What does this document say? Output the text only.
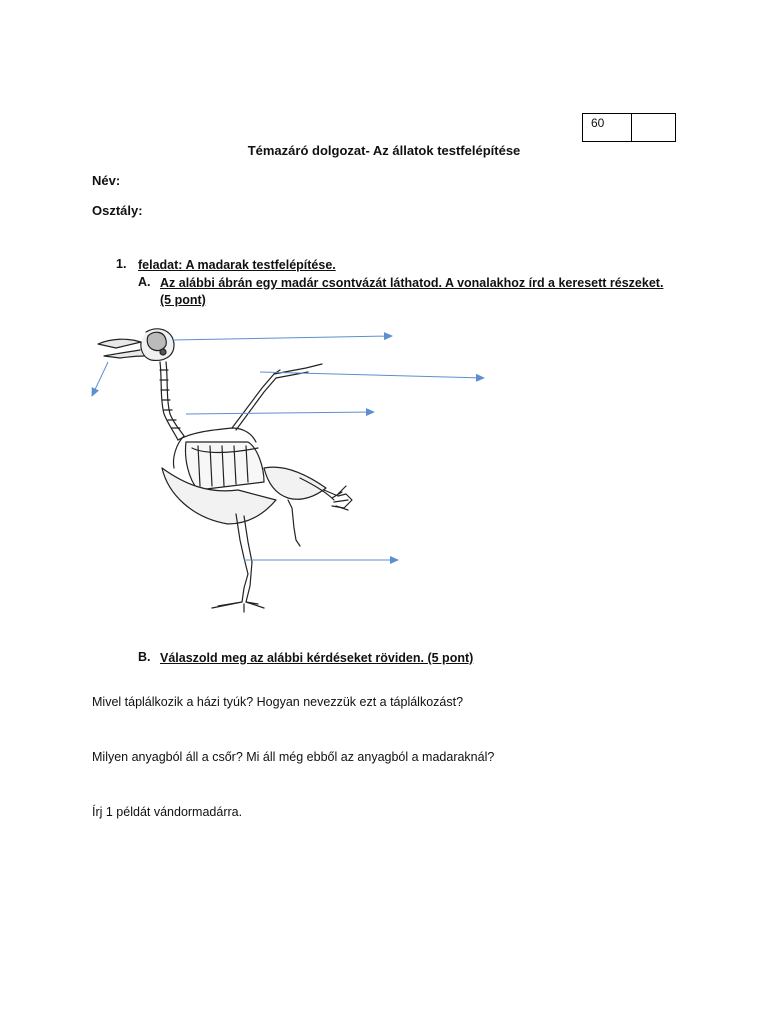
60
Témazáró dolgozat- Az állatok testfelépítése
Név:
Osztály:
1. feladat: A madarak testfelépítése.
A. Az alábbi ábrán egy madár csontvázát láthatod. A vonalakhoz írd a keresett részeket.
(5 pont)
B. Válaszold meg az alábbi kérdéseket röviden. (5 pont)
Mivel táplálkozik a házi tyúk? Hogyan nevezzük ezt a táplálkozást?
Milyen anyagból áll a csőr? Mi áll még ebből az anyagból a madaraknál?
Írj 1 példát vándormadárra.
